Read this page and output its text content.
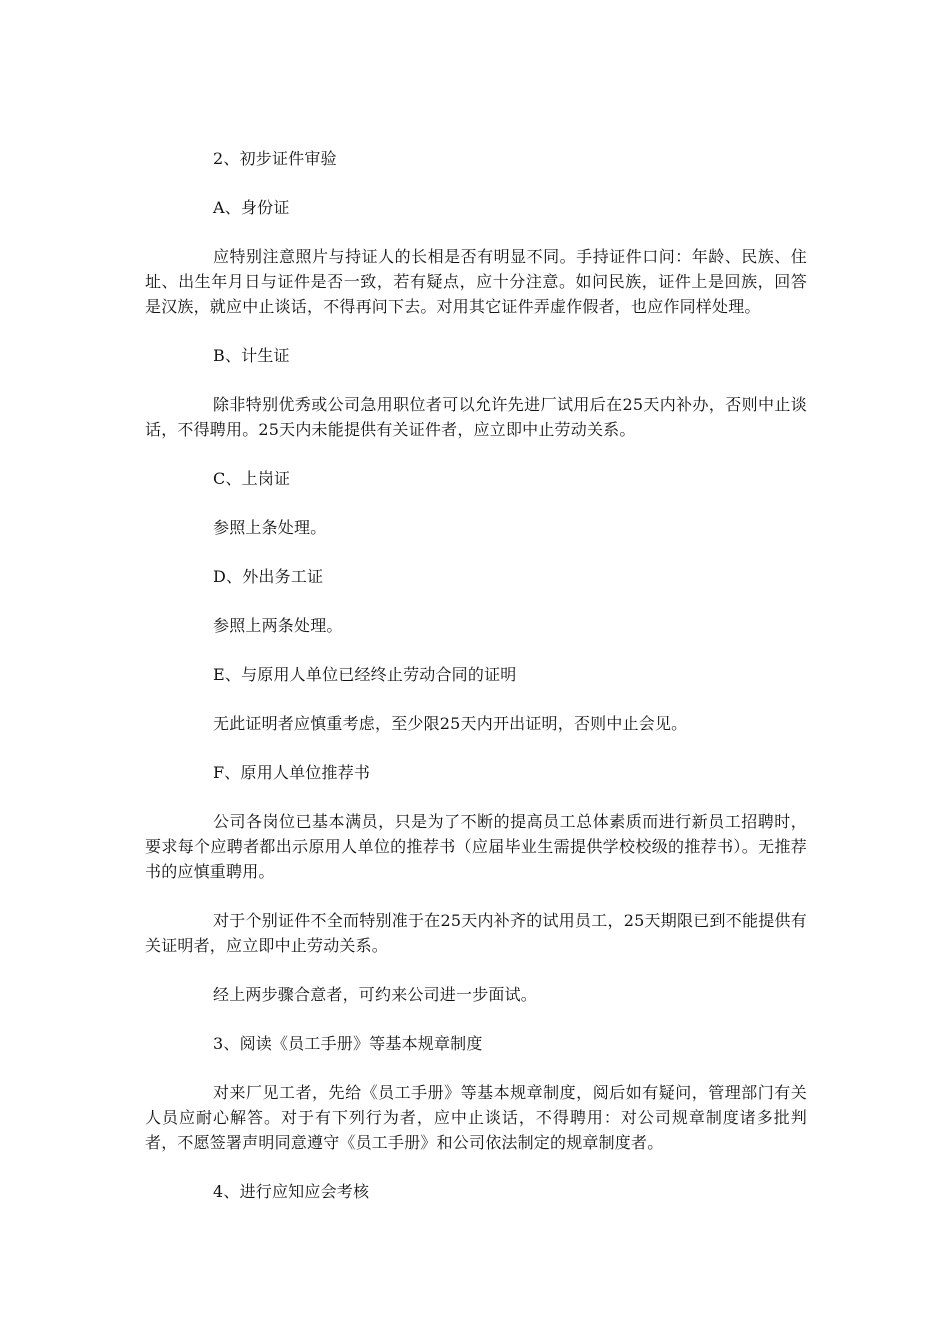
2、初步证件审验

A、身份证

应特别注意照片与持证人的长相是否有明显不同。手持证件口问：年龄、民族、住址、出生年月日与证件是否一致，若有疑点，应十分注意。如问民族，证件上是回族，回答是汉族，就应中止谈话，不得再问下去。对用其它证件弄虚作假者，也应作同样处理。

B、计生证

除非特别优秀或公司急用职位者可以允许先进厂试用后在25天内补办，否则中止谈话，不得聘用。25天内未能提供有关证件者，应立即中止劳动关系。

C、上岗证

参照上条处理。

D、外出务工证

参照上两条处理。

E、与原用人单位已经终止劳动合同的证明

无此证明者应慎重考虑，至少限25天内开出证明，否则中止会见。

F、原用人单位推荐书

公司各岗位已基本满员，只是为了不断的提高员工总体素质而进行新员工招聘时，要求每个应聘者都出示原用人单位的推荐书（应届毕业生需提供学校校级的推荐书）。无推荐书的应慎重聘用。

对于个别证件不全而特别准于在25天内补齐的试用员工，25天期限已到不能提供有关证明者，应立即中止劳动关系。

经上两步骤合意者，可约来公司进一步面试。

3、阅读《员工手册》等基本规章制度

对来厂见工者，先给《员工手册》等基本规章制度，阅后如有疑问，管理部门有关人员应耐心解答。对于有下列行为者，应中止谈话，不得聘用：对公司规章制度诸多批判者，不愿签署声明同意遵守《员工手册》和公司依法制定的规章制度者。

4、进行应知应会考核
